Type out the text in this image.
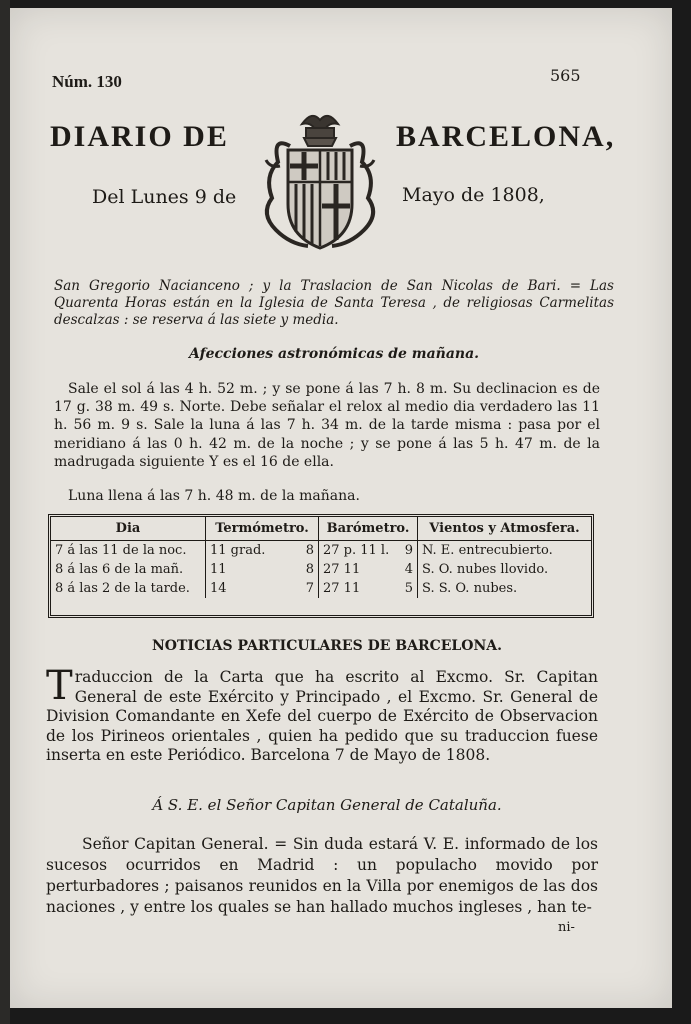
Núm. 130	565
DIARIO DE	BARCELONA,
Del Lunes 9 de	Mayo de 1808,
San Gregorio Nacianceno ; y la Traslacion de San Nicolas de Bari. = Las Quarenta Horas están en la Iglesia de Santa Teresa , de religiosas Carmelitas descalzas : se reserva á las siete y media.
Afecciones astronómicas de mañana.

Sale el sol á las 4 h. 52 m. ; y se pone á las 7 h. 8 m. Su declinacion es de 17 g. 38 m. 49 s. Norte. Debe señalar el relox al medio dia verdadero las 11 h. 56 m. 9 s. Sale la luna á las 7 h. 34 m. de la tarde misma : pasa por el meridiano á las 0 h. 42 m. de la noche ; y se pone á las 5 h. 47 m. de la madrugada siguiente Y es el 16 de ella.

Luna llena á las 7 h. 48 m. de la mañana.
Dia	Termómetro.	Barómetro.	Vientos y Atmosfera.
7 á las 11 de la noc.	11 grad. 8	27 p. 11 l. 9	N. E. entrecubierto.
8 á las 6 de la mañ.	11 8	27 11 4	S. O. nubes llovido.
8 á las 2 de la tarde.	14 7	27 11 5	S. S. O. nubes.
NOTICIAS PARTICULARES DE BARCELONA.
Traduccion de la Carta que ha escrito al Excmo. Sr. Capitan General de este Exército y Principado , el Excmo. Sr. General de Division Comandante en Xefe del cuerpo de Exército de Observacion de los Pirineos orientales , quien ha pedido que su traduccion fuese inserta en este Periódico. Barcelona 7 de Mayo de 1808.
Á S. E. el Señor Capitan General de Cataluña.

Señor Capitan General. = Sin duda estará V. E. informado de los sucesos ocurridos en Madrid : un populacho movido por perturbadores ; paisanos reunidos en la Villa por enemigos de las dos naciones , y entre los quales se han hallado muchos ingleses , han te-

ni-
